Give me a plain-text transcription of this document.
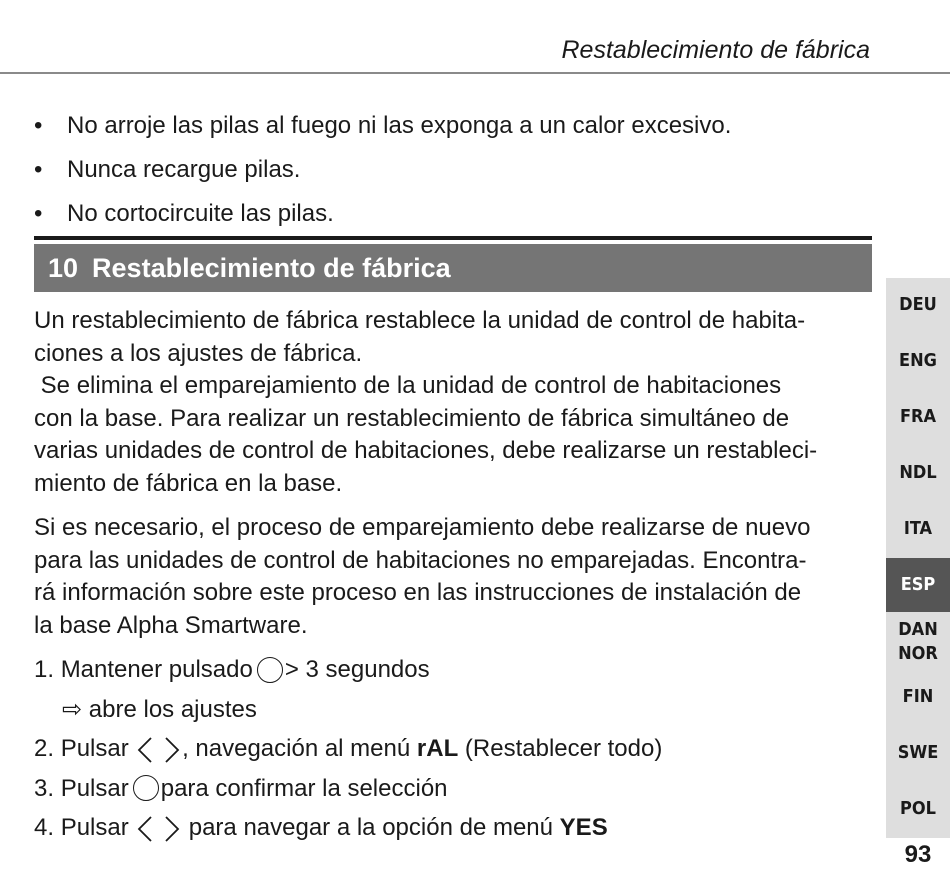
Restablecimiento de fábrica
• No arroje las pilas al fuego ni las exponga a un calor excesivo.
• Nunca recargue pilas.
• No cortocircuite las pilas.
10 Restablecimiento de fábrica
Un restablecimiento de fábrica restablece la unidad de control de habita-
ciones a los ajustes de fábrica.
Se elimina el emparejamiento de la unidad de control de habitaciones
con la base. Para realizar un restablecimiento de fábrica simultáneo de
varias unidades de control de habitaciones, debe realizarse un restableci-
miento de fábrica en la base.
Si es necesario, el proceso de emparejamiento debe realizarse de nuevo
para las unidades de control de habitaciones no emparejadas. Encontra-
rá información sobre este proceso en las instrucciones de instalación de
la base Alpha Smartware.
1. Mantener pulsado > 3 segundos
⇨ abre los ajustes
2. Pulsar
, navegación al menú rAL (Restablecer todo)
3. Pulsar para confirmar la selección
4. Pulsar
	para navegar a la opción de menú YES
DEU
ENG
FRA
NDL
ITA
ESP
DAN
NOR
FIN
SWE
POL
93
